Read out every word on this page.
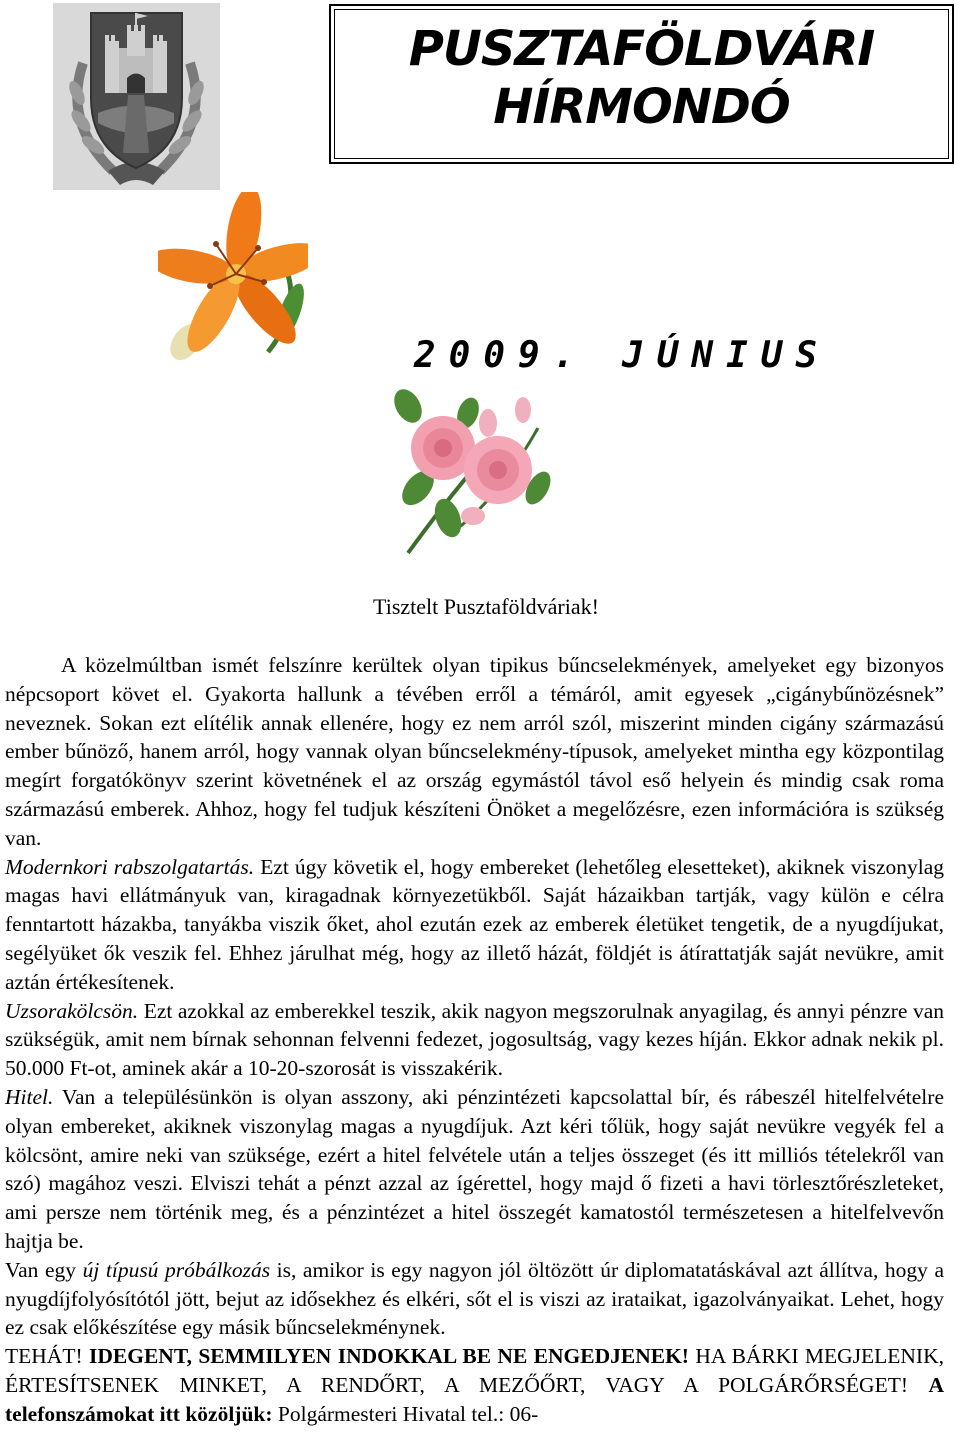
PUSZTAFÖLDVÁRI
HÍRMONDÓ
2009. JÚNIUS
Tisztelt Pusztaföldváriak!

A közelmúltban ismét felszínre kerültek olyan tipikus bűncselekmények, amelyeket egy bizonyos népcsoport követ el. Gyakorta hallunk a tévében erről a témáról, amit egyesek „cigánybűnözésnek” neveznek. Sokan ezt elítélik annak ellenére, hogy ez nem arról szól, miszerint minden cigány származású ember bűnöző, hanem arról, hogy vannak olyan bűncselekmény-típusok, amelyeket mintha egy központilag megírt forgatókönyv szerint követnének el az ország egymástól távol eső helyein és mindig csak roma származású emberek. Ahhoz, hogy fel tudjuk készíteni Önöket a megelőzésre, ezen információra is szükség van.

Modernkori rabszolgatartás. Ezt úgy követik el, hogy embereket (lehetőleg elesetteket), akiknek viszonylag magas havi ellátmányuk van, kiragadnak környezetükből. Saját házaikban tartják, vagy külön e célra fenntartott házakba, tanyákba viszik őket, ahol ezután ezek az emberek életüket tengetik, de a nyugdíjukat, segélyüket ők veszik fel. Ehhez járulhat még, hogy az illető házát, földjét is átírattatják saját nevükre, amit aztán értékesítenek.

Uzsorakölcsön. Ezt azokkal az emberekkel teszik, akik nagyon megszorulnak anyagilag, és annyi pénzre van szükségük, amit nem bírnak sehonnan felvenni fedezet, jogosultság, vagy kezes híján. Ekkor adnak nekik pl. 50.000 Ft-ot, aminek akár a 10-20-szorosát is visszakérik.

Hitel. Van a településünkön is olyan asszony, aki pénzintézeti kapcsolattal bír, és rábeszél hitelfelvételre olyan embereket, akiknek viszonylag magas a nyugdíjuk. Azt kéri tőlük, hogy saját nevükre vegyék fel a kölcsönt, amire neki van szüksége, ezért a hitel felvétele után a teljes összeget (és itt milliós tételekről van szó) magához veszi. Elviszi tehát a pénzt azzal az ígérettel, hogy majd ő fizeti a havi törlesztőrészleteket, ami persze nem történik meg, és a pénzintézet a hitel összegét kamatostól természetesen a hitelfelvevőn hajtja be.

Van egy új típusú próbálkozás is, amikor is egy nagyon jól öltözött úr diplomatatáskával azt állítva, hogy a nyugdíjfolyósítótól jött, bejut az idősekhez és elkéri, sőt el is viszi az irataikat, igazolványaikat. Lehet, hogy ez csak előkészítése egy másik bűncselekménynek.

TEHÁT! IDEGENT, SEMMILYEN INDOKKAL BE NE ENGEDJENEK! HA BÁRKI MEGJELENIK, ÉRTESÍTSENEK MINKET, A RENDŐRT, A MEZŐŐRT, VAGY A POLGÁRŐRSÉGET! A telefonszámokat itt közöljük: Polgármesteri Hivatal tel.: 06-
